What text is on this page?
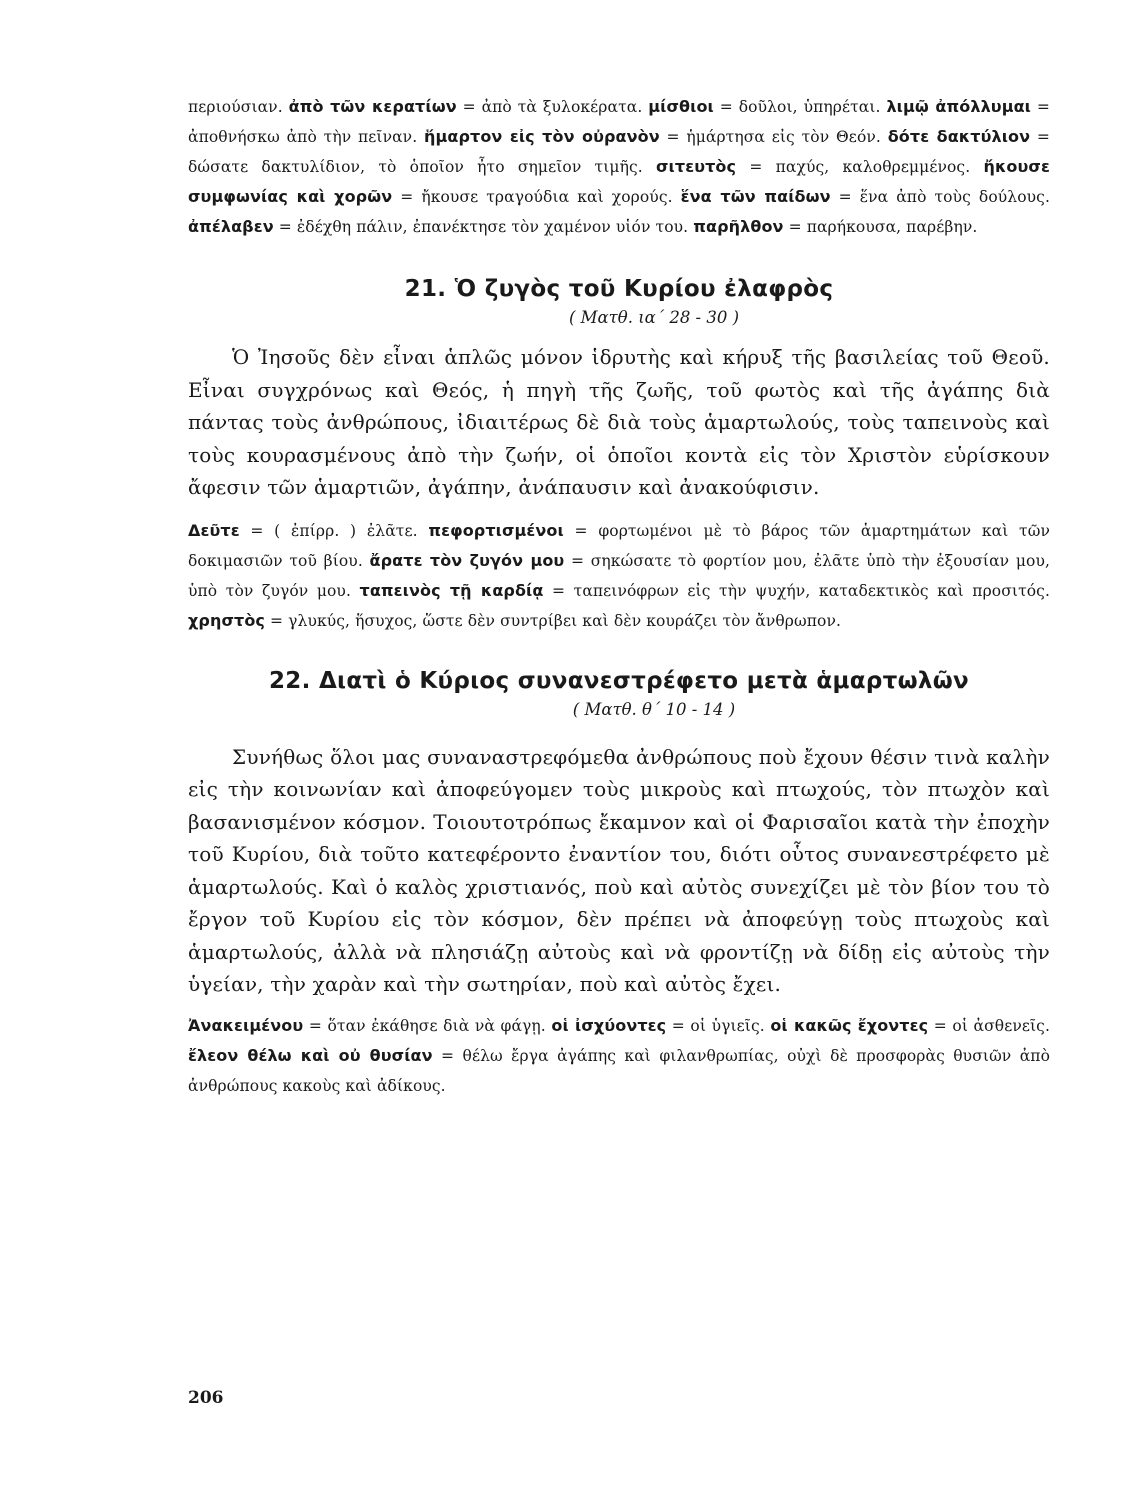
περιούσιαν. ἀπὸ τῶν κερατίων = ἀπὸ τὰ ξυλοκέρατα. μίσθιοι = δοῦλοι, ὑπηρέται. λιμῷ ἀπόλλυμαι = ἀποθνήσκω ἀπὸ τὴν πεῖναν. ἥμαρτον εἰς τὸν οὐρανὸν = ἡμάρτησα εἰς τὸν Θεόν. δότε δακτύλιον = δώσατε δακτυλίδιον, τὸ ὁποῖον ἦτο σημεῖον τιμῆς. σιτευτὸς = παχύς, καλοθρεμμένος. ἤκουσε συμφωνίας καὶ χορῶν = ἤκουσε τραγούδια καὶ χορούς. ἕνα τῶν παίδων = ἕνα ἀπὸ τοὺς δούλους. ἀπέλαβεν = ἐδέχθη πάλιν, ἐπανέκτησε τὸν χαμένον υἱόν του. παρῆλθον = παρήκουσα, παρέβην.

21. Ὁ ζυγὸς τοῦ Κυρίου ἐλαφρὸς

( Ματθ. ια΄ 28 - 30 )

Ὁ Ἰησοῦς δὲν εἶναι ἁπλῶς μόνον ἱδρυτὴς καὶ κήρυξ τῆς βασιλείας τοῦ Θεοῦ. Εἶναι συγχρόνως καὶ Θεός, ἡ πηγὴ τῆς ζωῆς, τοῦ φωτὸς καὶ τῆς ἀγάπης διὰ πάντας τοὺς ἀνθρώπους, ἰδιαιτέρως δὲ διὰ τοὺς ἁμαρτωλούς, τοὺς ταπεινοὺς καὶ τοὺς κουρασμένους ἀπὸ τὴν ζωήν, οἱ ὁποῖοι κοντὰ εἰς τὸν Χριστὸν εὑρίσκουν ἄφεσιν τῶν ἁμαρτιῶν, ἀγάπην, ἀνάπαυσιν καὶ ἀνακούφισιν.

Δεῦτε = ( ἐπίρρ. ) ἐλᾶτε. πεφορτισμένοι = φορτωμένοι μὲ τὸ βάρος τῶν ἁμαρτημάτων καὶ τῶν δοκιμασιῶν τοῦ βίου. ἄρατε τὸν ζυγόν μου = σηκώσατε τὸ φορτίον μου, ἐλᾶτε ὑπὸ τὴν ἐξουσίαν μου, ὑπὸ τὸν ζυγόν μου. ταπεινὸς τῇ καρδίᾳ = ταπεινόφρων εἰς τὴν ψυχήν, καταδεκτικὸς καὶ προσιτός. χρηστὸς = γλυκύς, ἥσυχος, ὥστε δὲν συντρίβει καὶ δὲν κουράζει τὸν ἄνθρωπον.

22. Διατὶ ὁ Κύριος συνανεστρέφετο μετὰ ἁμαρτωλῶν

( Ματθ. θ΄ 10 - 14 )

Συνήθως ὅλοι μας συναναστρεφόμεθα ἀνθρώπους ποὺ ἔχουν θέσιν τινὰ καλὴν εἰς τὴν κοινωνίαν καὶ ἀποφεύγομεν τοὺς μικροὺς καὶ πτωχούς, τὸν πτωχὸν καὶ βασανισμένον κόσμον. Τοιουτοτρόπως ἔκαμνον καὶ οἱ Φαρισαῖοι κατὰ τὴν ἐποχὴν τοῦ Κυρίου, διὰ τοῦτο κατεφέροντο ἐναντίον του, διότι οὗτος συνανεστρέφετο μὲ ἁμαρτωλούς. Καὶ ὁ καλὸς χριστιανός, ποὺ καὶ αὐτὸς συνεχίζει μὲ τὸν βίον του τὸ ἔργον τοῦ Κυρίου εἰς τὸν κόσμον, δὲν πρέπει νὰ ἀποφεύγῃ τοὺς πτωχοὺς καὶ ἁμαρτωλούς, ἀλλὰ νὰ πλησιάζῃ αὐτοὺς καὶ νὰ φροντίζῃ νὰ δίδῃ εἰς αὐτοὺς τὴν ὑγείαν, τὴν χαρὰν καὶ τὴν σωτηρίαν, ποὺ καὶ αὐτὸς ἔχει.

Ἀνακειμένου = ὅταν ἐκάθησε διὰ νὰ φάγῃ. οἱ ἰσχύοντες = οἱ ὑγιεῖς. οἱ κακῶς ἔχοντες = οἱ ἀσθενεῖς. ἔλεον θέλω καὶ οὐ θυσίαν = θέλω ἔργα ἀγάπης καὶ φιλανθρωπίας, οὐχὶ δὲ προσφορὰς θυσιῶν ἀπὸ ἀνθρώπους κακοὺς καὶ ἀδίκους.

206
